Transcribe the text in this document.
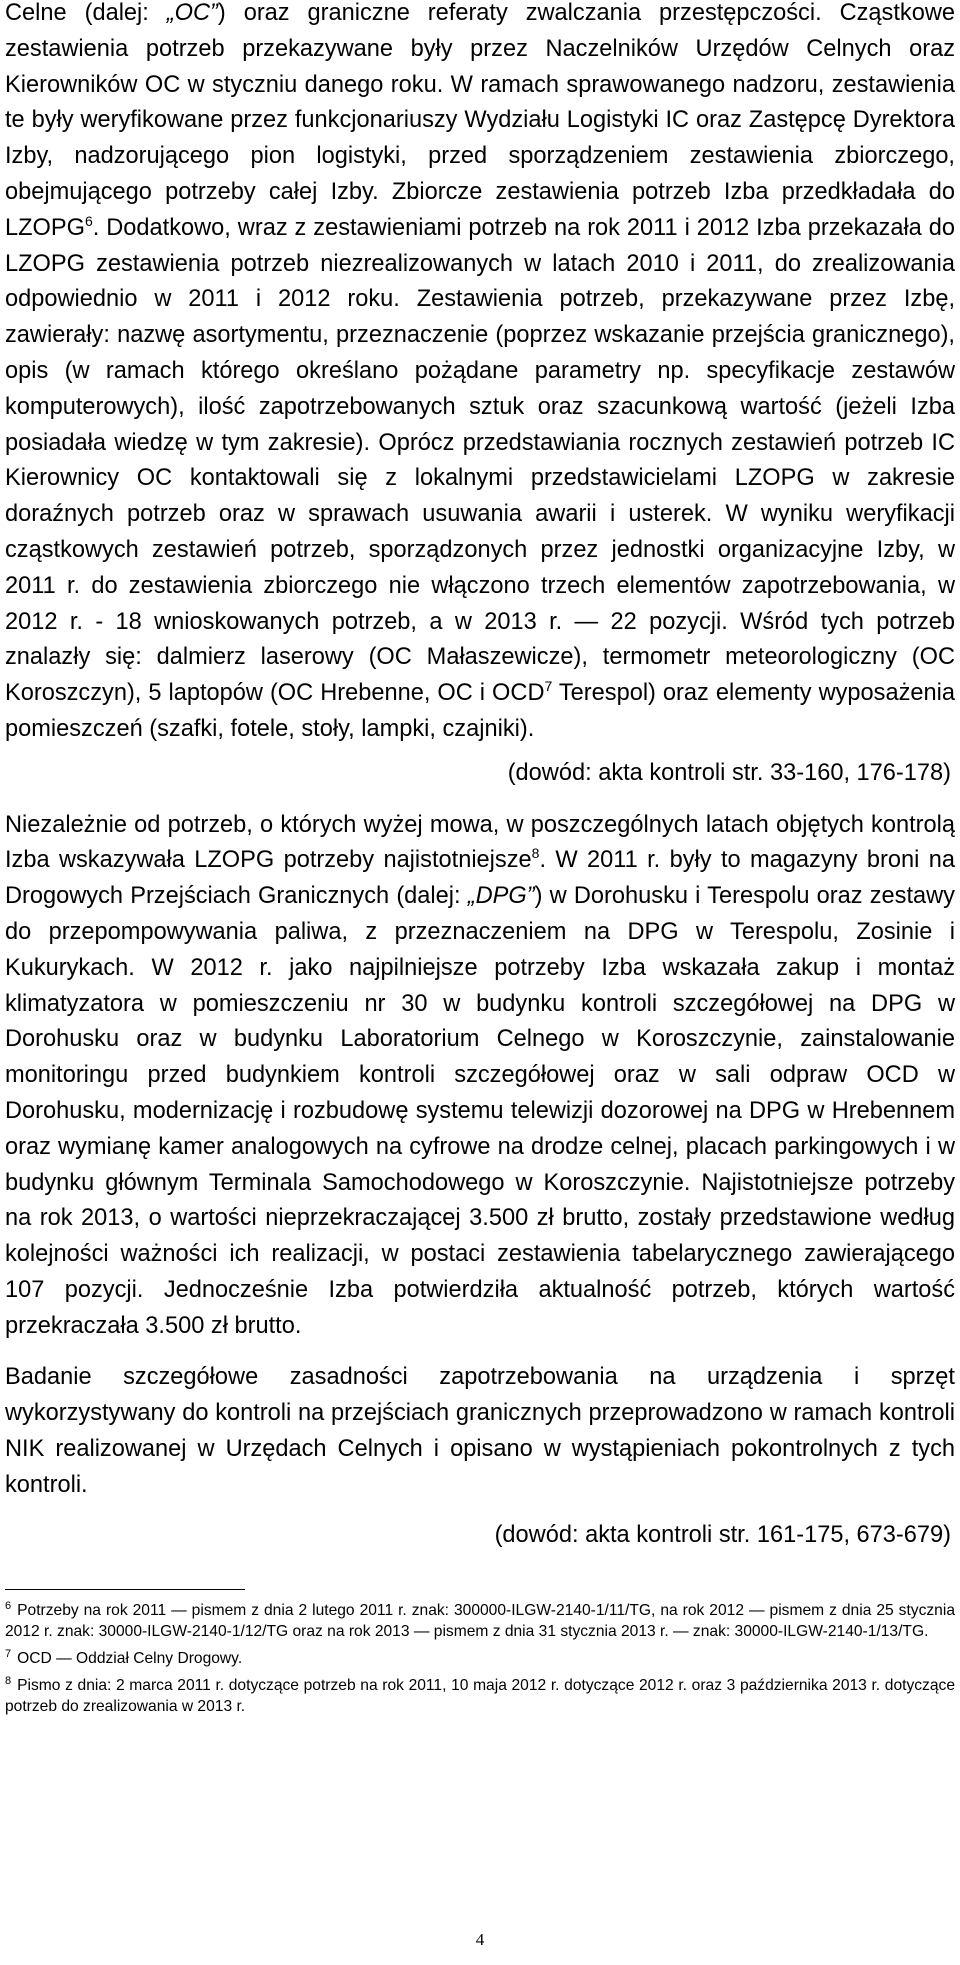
Celne (dalej: „OC”) oraz graniczne referaty zwalczania przestępczości. Cząstkowe zestawienia potrzeb przekazywane były przez Naczelników Urzędów Celnych oraz Kierowników OC w styczniu danego roku. W ramach sprawowanego nadzoru, zestawienia te były weryfikowane przez funkcjonariuszy Wydziału Logistyki IC oraz Zastępcę Dyrektora Izby, nadzorującego pion logistyki, przed sporządzeniem zestawienia zbiorczego, obejmującego potrzeby całej Izby. Zbiorcze zestawienia potrzeb Izba przedkładała do LZOPG$^6$. Dodatkowo, wraz z zestawieniami potrzeb na rok 2011 i 2012 Izba przekazała do LZOPG zestawienia potrzeb niezrealizowanych w latach 2010 i 2011, do zrealizowania odpowiednio w 2011 i 2012 roku. Zestawienia potrzeb, przekazywane przez Izbę, zawierały: nazwę asortymentu, przeznaczenie (poprzez wskazanie przejścia granicznego), opis (w ramach którego określano pożądane parametry np. specyfikacje zestawów komputerowych), ilość zapotrzebowanych sztuk oraz szacunkową wartość (jeżeli Izba posiadała wiedzę w tym zakresie). Oprócz przedstawiania rocznych zestawień potrzeb IC Kierownicy OC kontaktowali się z lokalnymi przedstawicielami LZOPG w zakresie doraźnych potrzeb oraz w sprawach usuwania awarii i usterek. W wyniku weryfikacji cząstkowych zestawień potrzeb, sporządzonych przez jednostki organizacyjne Izby, w 2011 r. do zestawienia zbiorczego nie włączono trzech elementów zapotrzebowania, w 2012 r. - 18 wnioskowanych potrzeb, a w 2013 r. ― 22 pozycji. Wśród tych potrzeb znalazły się: dalmierz laserowy (OC Małaszewicze), termometr meteorologiczny (OC Koroszczyn), 5 laptopów (OC Hrebenne, OC i OCD$^7$ Terespol) oraz elementy wyposażenia pomieszczeń (szafki, fotele, stoły, lampki, czajniki).

(dowód: akta kontroli str. 33-160, 176-178)

Niezależnie od potrzeb, o których wyżej mowa, w poszczególnych latach objętych kontrolą Izba wskazywała LZOPG potrzeby najistotniejsze$^8$. W 2011 r. były to magazyny broni na Drogowych Przejściach Granicznych (dalej: „DPG”) w Dorohusku i Terespolu oraz zestawy do przepompowywania paliwa, z przeznaczeniem na DPG w Terespolu, Zosinie i Kukurykach. W 2012 r. jako najpilniejsze potrzeby Izba wskazała zakup i montaż klimatyzatora w pomieszczeniu nr 30 w budynku kontroli szczegółowej na DPG w Dorohusku oraz w budynku Laboratorium Celnego w Koroszczynie, zainstalowanie monitoringu przed budynkiem kontroli szczegółowej oraz w sali odpraw OCD w Dorohusku, modernizację i rozbudowę systemu telewizji dozorowej na DPG w Hrebennem oraz wymianę kamer analogowych na cyfrowe na drodze celnej, placach parkingowych i w budynku głównym Terminala Samochodowego w Koroszczynie. Najistotniejsze potrzeby na rok 2013, o wartości nieprzekraczającej 3.500 zł brutto, zostały przedstawione według kolejności ważności ich realizacji, w postaci zestawienia tabelarycznego zawierającego 107 pozycji. Jednocześnie Izba potwierdziła aktualność potrzeb, których wartość przekraczała 3.500 zł brutto.

Badanie szczegółowe zasadności zapotrzebowania na urządzenia i sprzęt wykorzystywany do kontroli na przejściach granicznych przeprowadzono w ramach kontroli NIK realizowanej w Urzędach Celnych i opisano w wystąpieniach pokontrolnych z tych kontroli.

(dowód: akta kontroli str. 161-175, 673-679)

$^6$ Potrzeby na rok 2011 ― pismem z dnia 2 lutego 2011 r. znak: 300000-ILGW-2140-1/11/TG, na rok 2012 ― pismem z dnia 25 stycznia 2012 r. znak: 30000-ILGW-2140-1/12/TG oraz na rok 2013 ― pismem z dnia 31 stycznia 2013 r. ― znak: 30000-ILGW-2140-1/13/TG.

$^7$ OCD ― Oddział Celny Drogowy.

$^8$ Pismo z dnia: 2 marca 2011 r. dotyczące potrzeb na rok 2011, 10 maja 2012 r. dotyczące 2012 r. oraz 3 października 2013 r. dotyczące potrzeb do zrealizowania w 2013 r.

4
